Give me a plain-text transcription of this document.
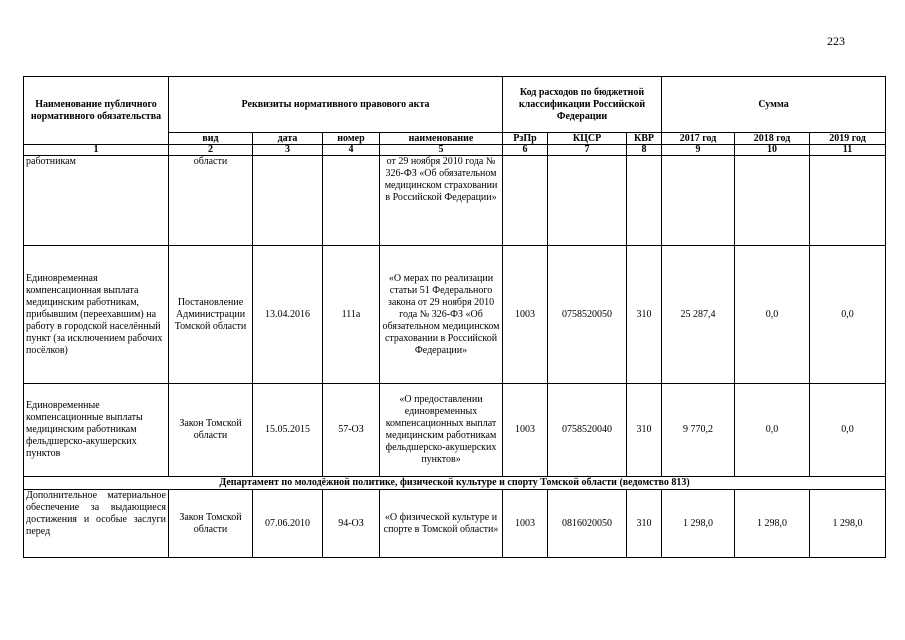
223
Наименование публичного нормативного обязательства	Реквизиты нормативного правового акта				Код расходов по бюджетной классификации Российской Федерации			Сумма		
	вид	дата	номер	наименование	РзПр	КЦСР	КВР	2017 год	2018 год	2019 год
1	2	3	4	5	6	7	8	9	10	11
работникам	области			от 29 ноября 2010 года № 326-ФЗ «Об обязательном медицинском страховании в Российской Федерации»						
Единовременная компенсационная выплата медицинским работникам, прибывшим (переехавшим) на работу в городской населённый пункт (за исключением рабочих посёлков)	Постановление Администрации Томской области	13.04.2016	111а	«О мерах по реализации статьи 51 Федерального закона от 29 ноября 2010 года № 326-ФЗ «Об обязательном медицинском страховании в Российской Федерации»	1003	0758520050	310	25 287,4	0,0	0,0
Единовременные компенсационные выплаты медицинским работникам фельдшерско-акушерских пунктов	Закон Томской области	15.05.2015	57-ОЗ	«О предоставлении единовременных компенсационных выплат медицинским работникам фельдшерско-акушерских пунктов»	1003	0758520040	310	9 770,2	0,0	0,0
Департамент по молодёжной политике, физической культуре и спорту Томской области (ведомство 813)										
Дополнительное материальное обеспечение за выдающиеся достижения и особые заслуги перед	Закон Томской области	07.06.2010	94-ОЗ	«О физической культуре и спорте в Томской области»	1003	0816020050	310	1 298,0	1 298,0	1 298,0
